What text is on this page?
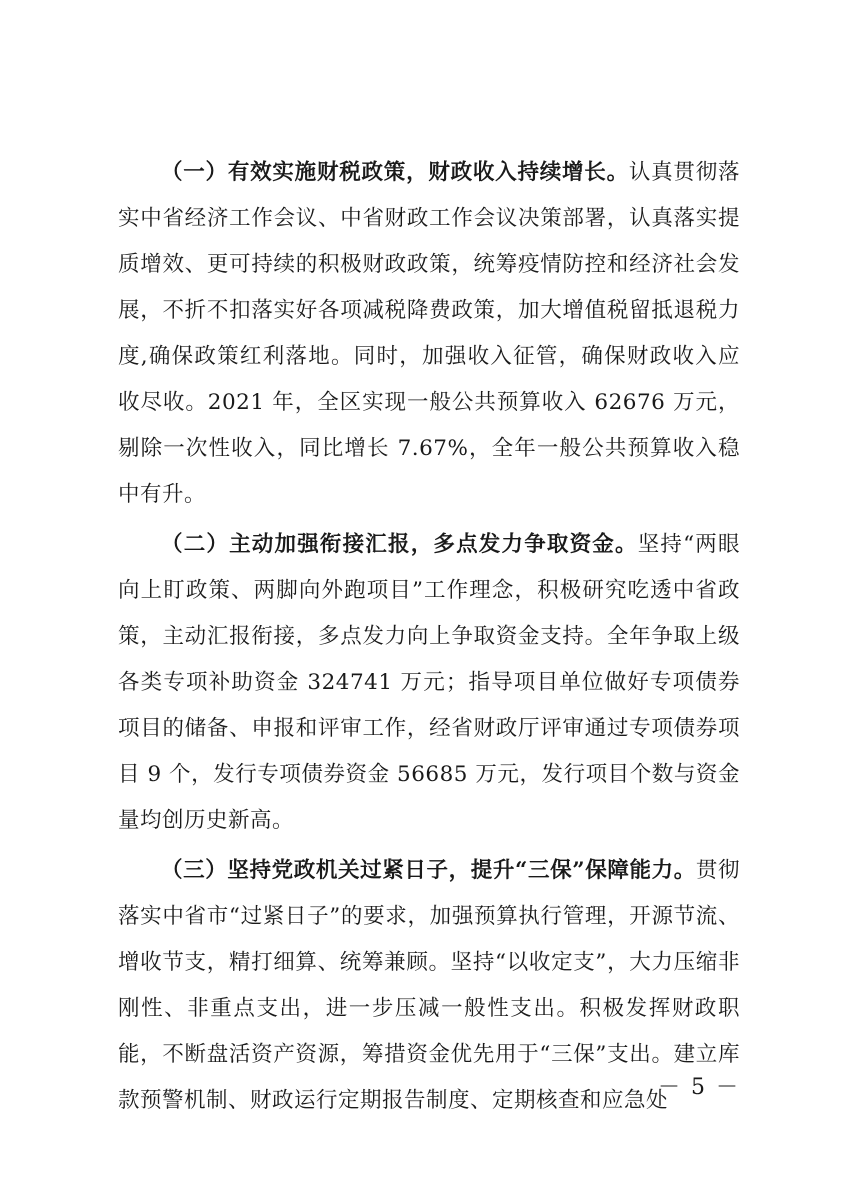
（一）有效实施财税政策，财政收入持续增长。认真贯彻落实中省经济工作会议、中省财政工作会议决策部署，认真落实提质增效、更可持续的积极财政政策，统筹疫情防控和经济社会发展，不折不扣落实好各项减税降费政策，加大增值税留抵退税力度,确保政策红利落地。同时，加强收入征管，确保财政收入应收尽收。2021 年，全区实现一般公共预算收入 62676 万元，剔除一次性收入，同比增长 7.67%，全年一般公共预算收入稳中有升。

（二）主动加强衔接汇报，多点发力争取资金。坚持“两眼向上盯政策、两脚向外跑项目”工作理念，积极研究吃透中省政策，主动汇报衔接，多点发力向上争取资金支持。全年争取上级各类专项补助资金 324741 万元；指导项目单位做好专项债券项目的储备、申报和评审工作，经省财政厅评审通过专项债券项目 9 个，发行专项债券资金 56685 万元，发行项目个数与资金量均创历史新高。

（三）坚持党政机关过紧日子，提升“三保”保障能力。贯彻落实中省市“过紧日子”的要求，加强预算执行管理，开源节流、增收节支，精打细算、统筹兼顾。坚持“以收定支”，大力压缩非刚性、非重点支出，进一步压减一般性支出。积极发挥财政职能，不断盘活资产资源，筹措资金优先用于“三保”支出。建立库款预警机制、财政运行定期报告制度、定期核查和应急处

－ 5 －
